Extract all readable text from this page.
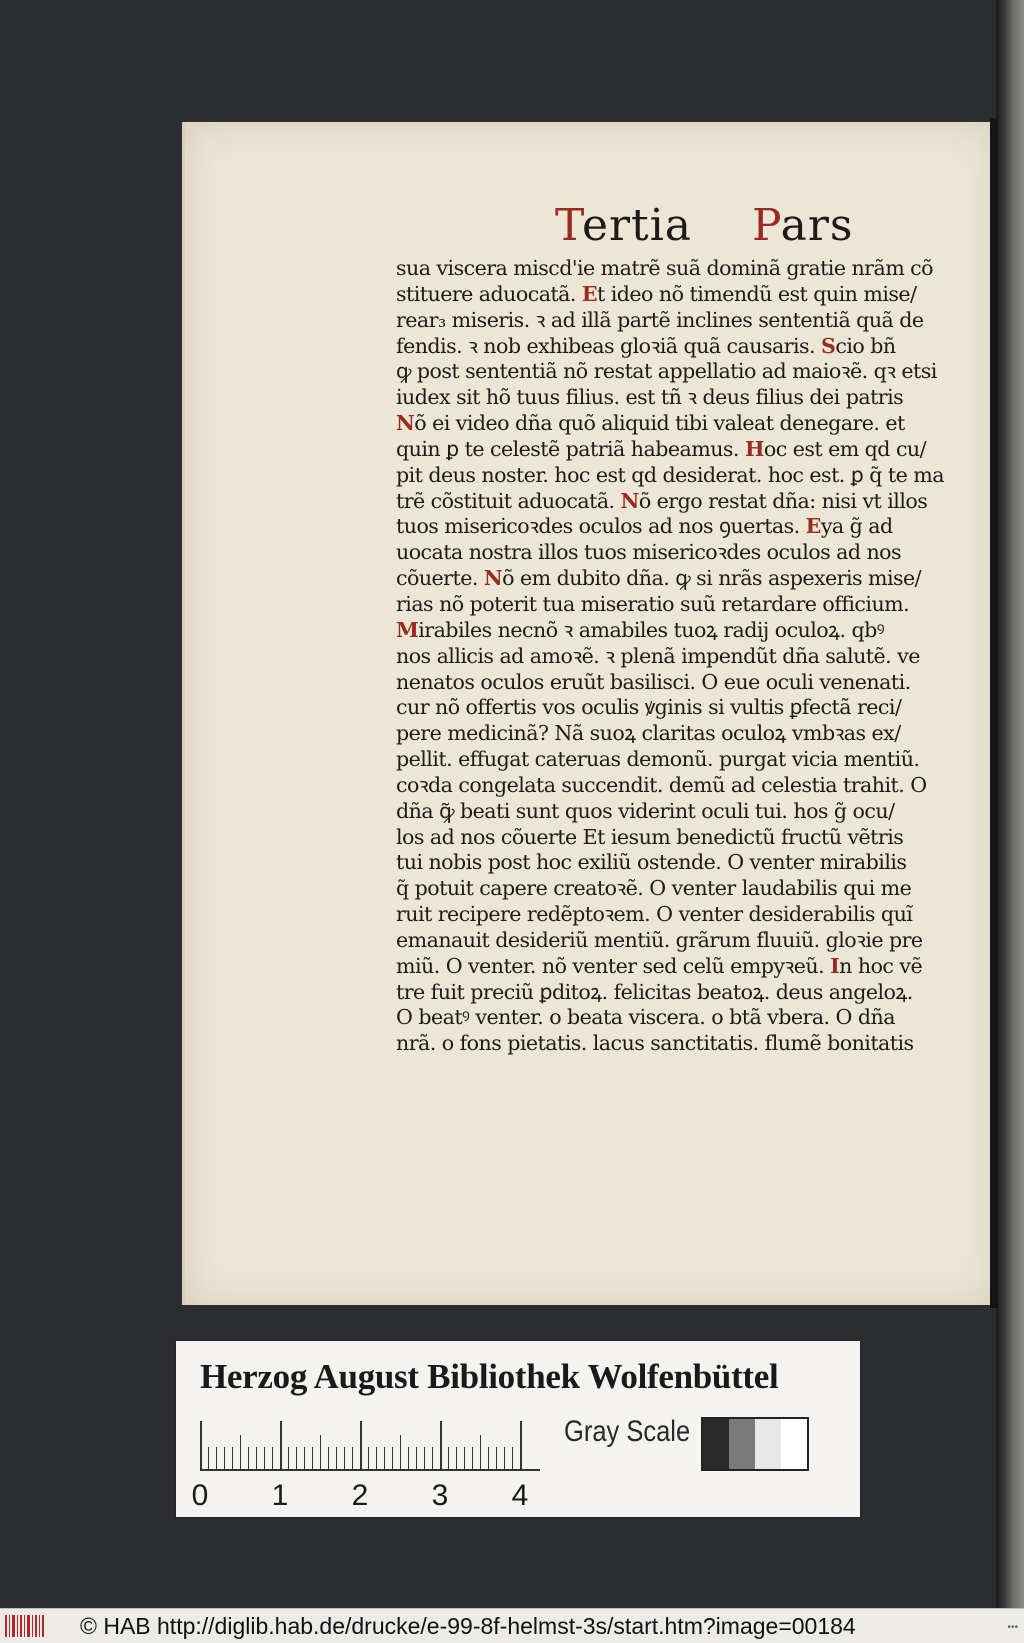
Tertia Pars
sua viscera miscd'ie matrẽ suã dominã gratie nrãm cõ
stituere aduocatã. Et ideo nõ timendũ est quin mise/
rear₃ miseris. ꝛ ad illã partẽ inclines sententiã quã de
fendis. ꝛ nob exhibeas gloꝛiã quã causaris. Scio bñ
ꝙ post sententiã nõ restat appellatio ad maioꝛẽ. qꝛ etsi
iudex sit hõ tuus filius. est tñ ꝛ deus filius dei patris
Nõ ei video dña quõ aliquid tibi valeat denegare. et
quin ꝑ te celestẽ patriã habeamus. Hoc est em qd cu/
pit deus noster. hoc est qd desiderat. hoc est. ꝑ q̃ te ma
trẽ cõstituit aduocatã. Nõ ergo restat dña: nisi vt illos
tuos misericoꝛdes oculos ad nos ꝯuertas. Eya g̃ ad
uocata nostra illos tuos misericoꝛdes oculos ad nos
cõuerte. Nõ em dubito dña. ꝙ si nrãs aspexeris mise/
rias nõ poterit tua miseratio suũ retardare officium.
Mirabiles necnõ ꝛ amabiles tuoꝝ radij oculoꝝ. qbꝰ
nos allicis ad amoꝛẽ. ꝛ plenã impendũt dña salutẽ. ve
nenatos oculos eruũt basilisci. O eue oculi venenati.
cur nõ offertis vos oculis ꝟginis si vultis ꝑfectã reci/
pere medicinã? Nã suoꝝ claritas oculoꝝ vmbꝛas ex/
pellit. effugat cateruas demonũ. purgat vicia mentiũ.
coꝛda congelata succendit. demũ ad celestia trahit. O
dña ꝙ̃ beati sunt quos viderint oculi tui. hos g̃ ocu/
los ad nos cõuerte Et iesum benedictũ fructũ vẽtris
tui nobis post hoc exiliũ ostende. O venter mirabilis
q̃ potuit capere creatoꝛẽ. O venter laudabilis qui me
ruit recipere redẽptoꝛem. O venter desiderabilis quĩ
emanauit desideriũ mentiũ. grãrum fluuiũ. gloꝛie pre
miũ. O venter. nõ venter sed celũ empyꝛeũ. In hoc vẽ
tre fuit preciũ ꝑditoꝝ. felicitas beatoꝝ. deus angeloꝝ.
O beatꝰ venter. o beata viscera. o btã vbera. O dña
nrã. o fons pietatis. lacus sanctitatis. flumẽ bonitatis
Herzog August Bibliothek Wolfenbüttel
0 1 2 3 4
Gray Scale
© HAB http://diglib.hab.de/drucke/e-99-8f-helmst-3s/start.htm?image=00184	•••
